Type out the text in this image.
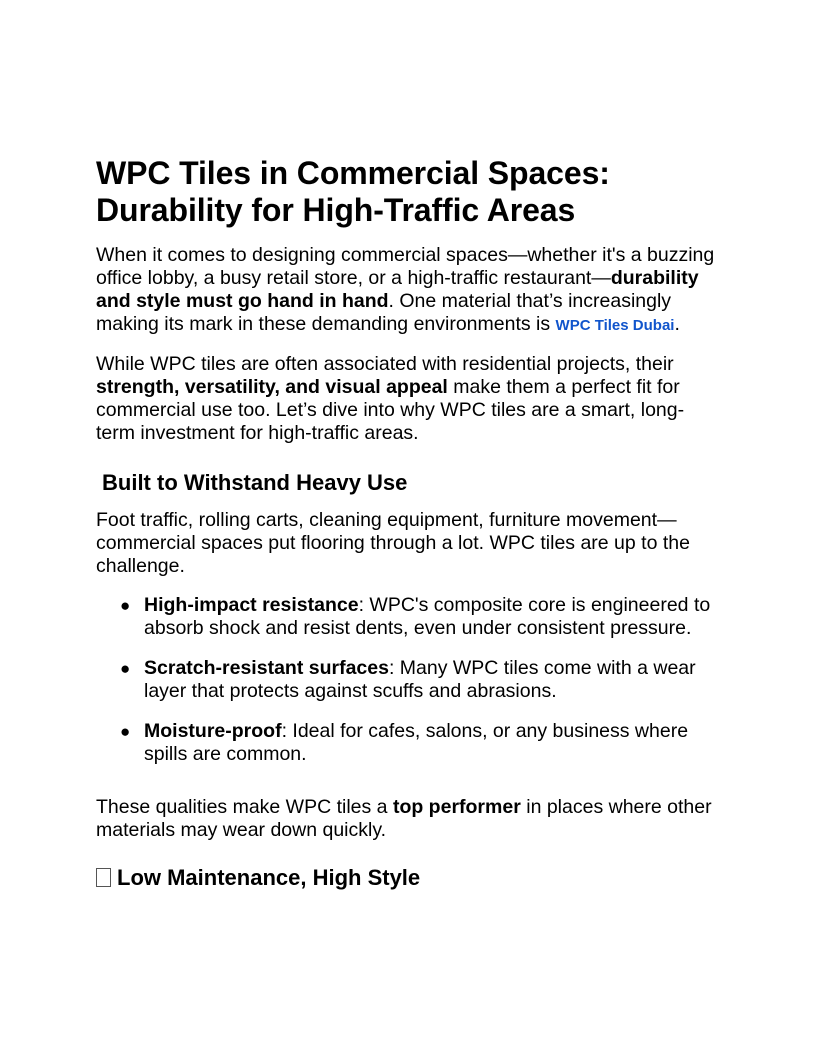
WPC Tiles in Commercial Spaces: Durability for High-Traffic Areas

When it comes to designing commercial spaces—whether it's a buzzing office lobby, a busy retail store, or a high-traffic restaurant—durability and style must go hand in hand. One material that’s increasingly making its mark in these demanding environments is WPC Tiles Dubai.

While WPC tiles are often associated with residential projects, their strength, versatility, and visual appeal make them a perfect fit for commercial use too. Let’s dive into why WPC tiles are a smart, long-term investment for high-traffic areas.

Built to Withstand Heavy Use

Foot traffic, rolling carts, cleaning equipment, furniture movement—commercial spaces put flooring through a lot. WPC tiles are up to the challenge.

● High-impact resistance: WPC's composite core is engineered to absorb shock and resist dents, even under consistent pressure.
● Scratch-resistant surfaces: Many WPC tiles come with a wear layer that protects against scuffs and abrasions.
● Moisture-proof: Ideal for cafes, salons, or any business where spills are common.

These qualities make WPC tiles a top performer in places where other materials may wear down quickly.

Low Maintenance, High Style
